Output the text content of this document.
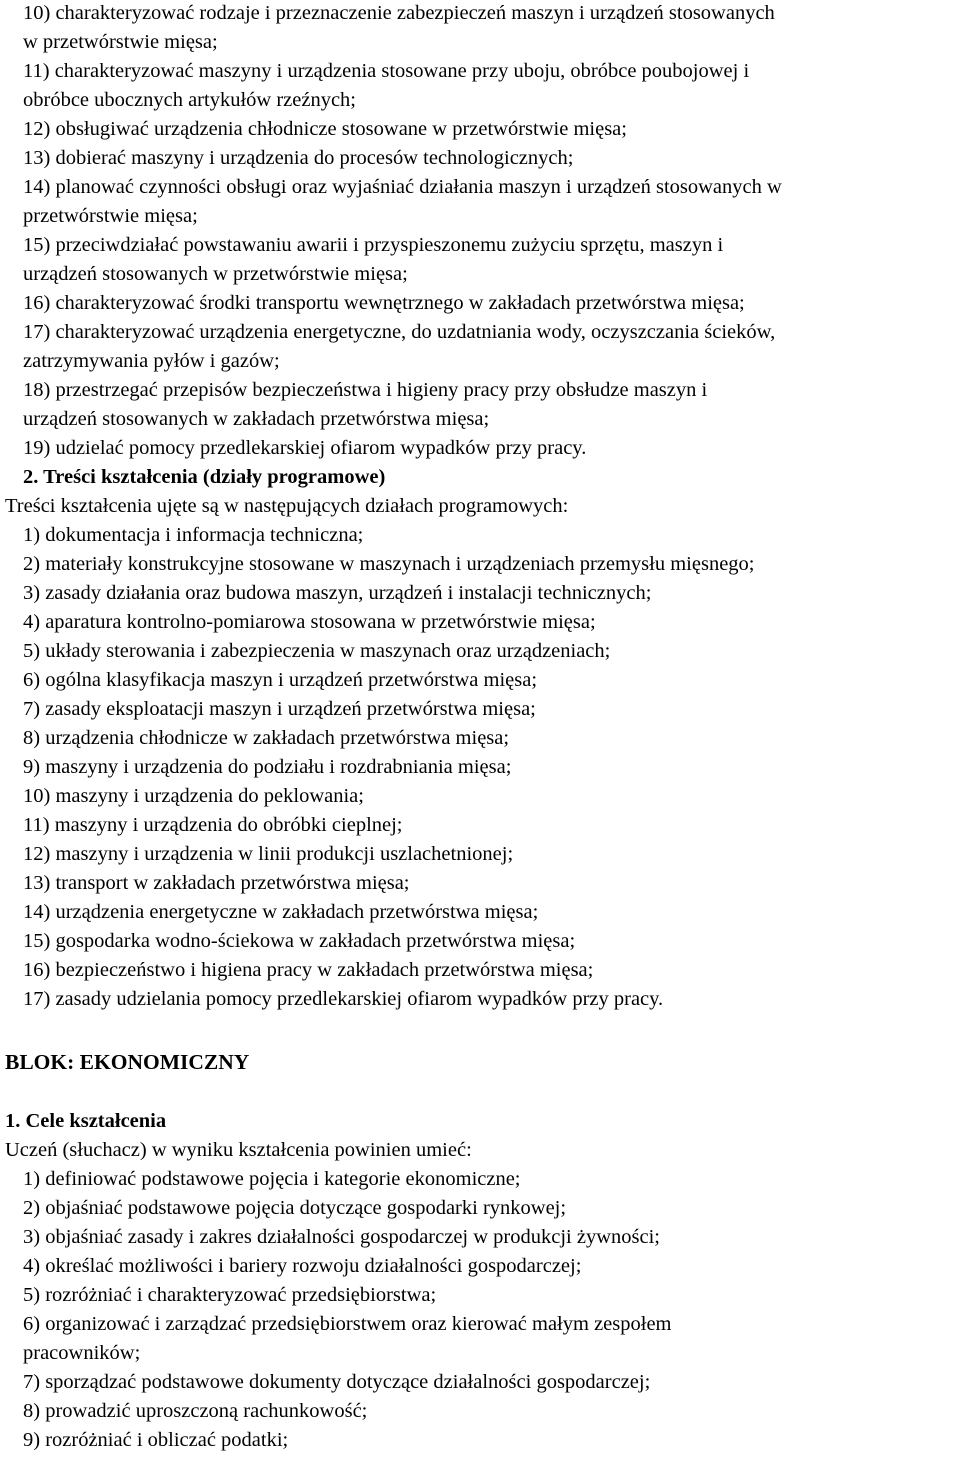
10) charakteryzować rodzaje i przeznaczenie zabezpieczeń maszyn i urządzeń stosowanych
w przetwórstwie mięsa;
11) charakteryzować maszyny i urządzenia stosowane przy uboju, obróbce poubojowej i
obróbce ubocznych artykułów rzeźnych;
12) obsługiwać urządzenia chłodnicze stosowane w przetwórstwie mięsa;
13) dobierać maszyny i urządzenia do procesów technologicznych;
14) planować czynności obsługi oraz wyjaśniać działania maszyn i urządzeń stosowanych w
przetwórstwie mięsa;
15) przeciwdziałać powstawaniu awarii i przyspieszonemu zużyciu sprzętu, maszyn i
urządzeń stosowanych w przetwórstwie mięsa;
16) charakteryzować środki transportu wewnętrznego w zakładach przetwórstwa mięsa;
17) charakteryzować urządzenia energetyczne, do uzdatniania wody, oczyszczania ścieków,
zatrzymywania pyłów i gazów;
18) przestrzegać przepisów bezpieczeństwa i higieny pracy przy obsłudze maszyn i
urządzeń stosowanych w zakładach przetwórstwa mięsa;
19) udzielać pomocy przedlekarskiej ofiarom wypadków przy pracy.
2. Treści kształcenia (działy programowe)
Treści kształcenia ujęte są w następujących działach programowych:
1) dokumentacja i informacja techniczna;
2) materiały konstrukcyjne stosowane w maszynach i urządzeniach przemysłu mięsnego;
3) zasady działania oraz budowa maszyn, urządzeń i instalacji technicznych;
4) aparatura kontrolno-pomiarowa stosowana w przetwórstwie mięsa;
5) układy sterowania i zabezpieczenia w maszynach oraz urządzeniach;
6) ogólna klasyfikacja maszyn i urządzeń przetwórstwa mięsa;
7) zasady eksploatacji maszyn i urządzeń przetwórstwa mięsa;
8) urządzenia chłodnicze w zakładach przetwórstwa mięsa;
9) maszyny i urządzenia do podziału i rozdrabniania mięsa;
10) maszyny i urządzenia do peklowania;
11) maszyny i urządzenia do obróbki cieplnej;
12) maszyny i urządzenia w linii produkcji uszlachetnionej;
13) transport w zakładach przetwórstwa mięsa;
14) urządzenia energetyczne w zakładach przetwórstwa mięsa;
15) gospodarka wodno-ściekowa w zakładach przetwórstwa mięsa;
16) bezpieczeństwo i higiena pracy w zakładach przetwórstwa mięsa;
17) zasady udzielania pomocy przedlekarskiej ofiarom wypadków przy pracy.
BLOK: EKONOMICZNY
1. Cele kształcenia
Uczeń (słuchacz) w wyniku kształcenia powinien umieć:
1) definiować podstawowe pojęcia i kategorie ekonomiczne;
2) objaśniać podstawowe pojęcia dotyczące gospodarki rynkowej;
3) objaśniać zasady i zakres działalności gospodarczej w produkcji żywności;
4) określać możliwości i bariery rozwoju działalności gospodarczej;
5) rozróżniać i charakteryzować przedsiębiorstwa;
6) organizować i zarządzać przedsiębiorstwem oraz kierować małym zespołem
pracowników;
7) sporządzać podstawowe dokumenty dotyczące działalności gospodarczej;
8) prowadzić uproszczoną rachunkowość;
9) rozróżniać i obliczać podatki;
